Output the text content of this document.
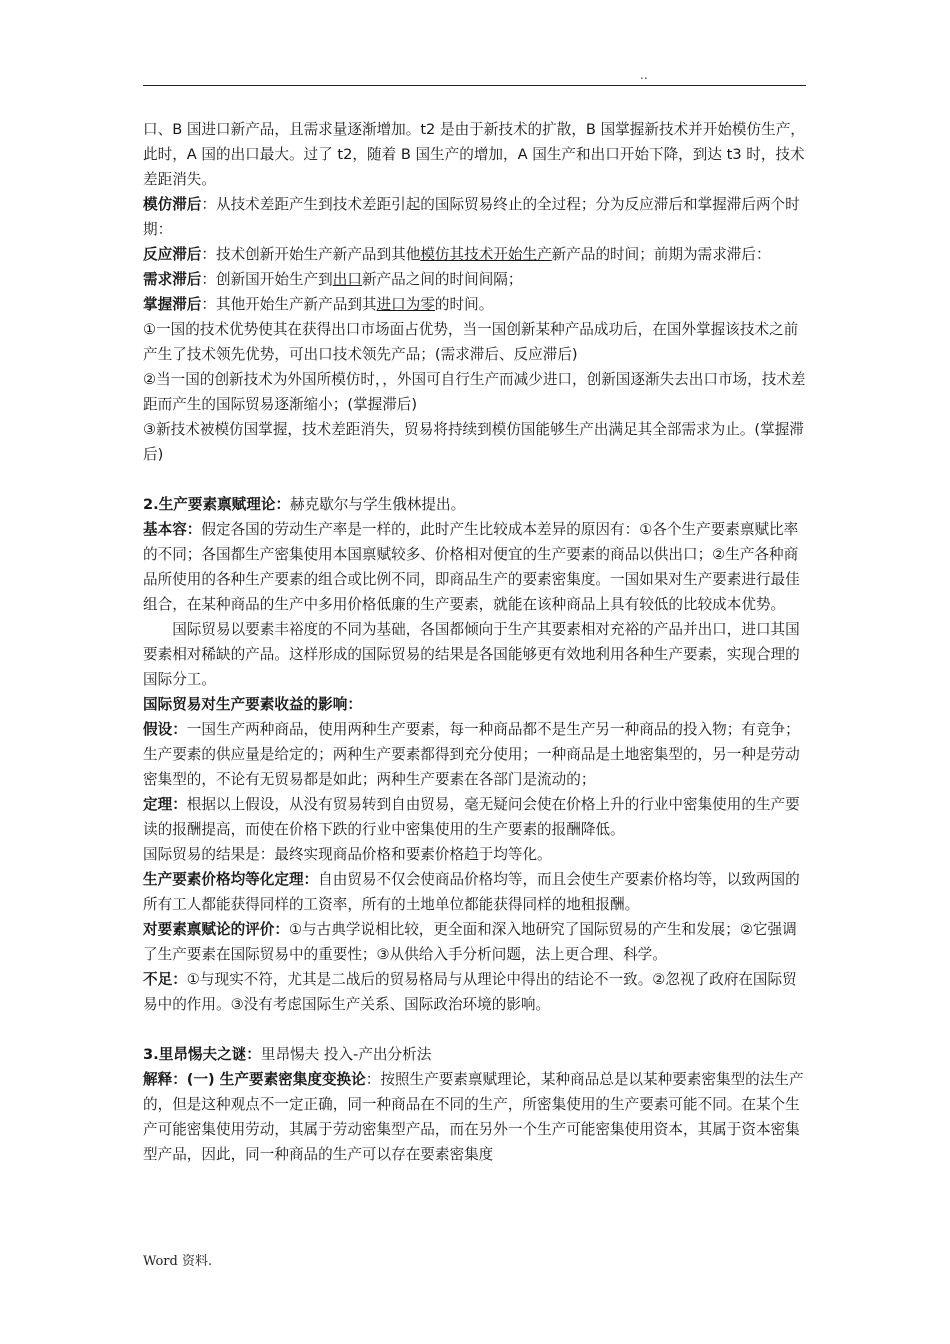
..

口、B 国进口新产品，且需求量逐渐增加。t2 是由于新技术的扩散，B 国掌握新技术并开始模仿生产，此时，A 国的出口最大。过了 t2，随着 B 国生产的增加，A 国生产和出口开始下降，到达 t3 时，技术差距消失。

模仿滞后：从技术差距产生到技术差距引起的国际贸易终止的全过程；分为反应滞后和掌握滞后两个时期：

反应滞后：技术创新开始生产新产品到其他模仿其技术开始生产新产品的时间；前期为需求滞后：

需求滞后：创新国开始生产到出口新产品之间的时间间隔；

掌握滞后：其他开始生产新产品到其进口为零的时间。

①一国的技术优势使其在获得出口市场面占优势，当一国创新某种产品成功后，在国外掌握该技术之前产生了技术领先优势，可出口技术领先产品；(需求滞后、反应滞后)

②当一国的创新技术为外国所模仿时，，外国可自行生产而减少进口，创新国逐渐失去出口市场，技术差距而产生的国际贸易逐渐缩小；(掌握滞后)

③新技术被模仿国掌握，技术差距消失，贸易将持续到模仿国能够生产出满足其全部需求为止。(掌握滞后)

2.生产要素禀赋理论：赫克歇尔与学生俄林提出。

基本容：假定各国的劳动生产率是一样的，此时产生比较成本差异的原因有：①各个生产要素禀赋比率的不同；各国都生产密集使用本国禀赋较多、价格相对便宜的生产要素的商品以供出口；②生产各种商品所使用的各种生产要素的组合或比例不同，即商品生产的要素密集度。一国如果对生产要素进行最佳组合，在某种商品的生产中多用价格低廉的生产要素，就能在该种商品上具有较低的比较成本优势。

国际贸易以要素丰裕度的不同为基础，各国都倾向于生产其要素相对充裕的产品并出口，进口其国要素相对稀缺的产品。这样形成的国际贸易的结果是各国能够更有效地利用各种生产要素，实现合理的国际分工。

国际贸易对生产要素收益的影响：

假设：一国生产两种商品，使用两种生产要素，每一种商品都不是生产另一种商品的投入物；有竞争；生产要素的供应量是给定的；两种生产要素都得到充分使用；一种商品是土地密集型的，另一种是劳动密集型的，不论有无贸易都是如此；两种生产要素在各部门是流动的；

定理：根据以上假设，从没有贸易转到自由贸易，毫无疑问会使在价格上升的行业中密集使用的生产要读的报酬提高，而使在价格下跌的行业中密集使用的生产要素的报酬降低。

国际贸易的结果是：最终实现商品价格和要素价格趋于均等化。

生产要素价格均等化定理：自由贸易不仅会使商品价格均等，而且会使生产要素价格均等，以致两国的所有工人都能获得同样的工资率，所有的土地单位都能获得同样的地租报酬。

对要素禀赋论的评价：①与古典学说相比较，更全面和深入地研究了国际贸易的产生和发展；②它强调了生产要素在国际贸易中的重要性；③从供给入手分析问题，法上更合理、科学。

不足：①与现实不符，尤其是二战后的贸易格局与从理论中得出的结论不一致。②忽视了政府在国际贸易中的作用。③没有考虑国际生产关系、国际政治环境的影响。

3.里昂惕夫之谜：里昂惕夫 投入-产出分析法

解释：(一) 生产要素密集度变换论：按照生产要素禀赋理论，某种商品总是以某种要素密集型的法生产的，但是这种观点不一定正确，同一种商品在不同的生产，所密集使用的生产要素可能不同。在某个生产可能密集使用劳动，其属于劳动密集型产品，而在另外一个生产可能密集使用资本，其属于资本密集型产品，因此，同一种商品的生产可以存在要素密集度

Word 资料.
